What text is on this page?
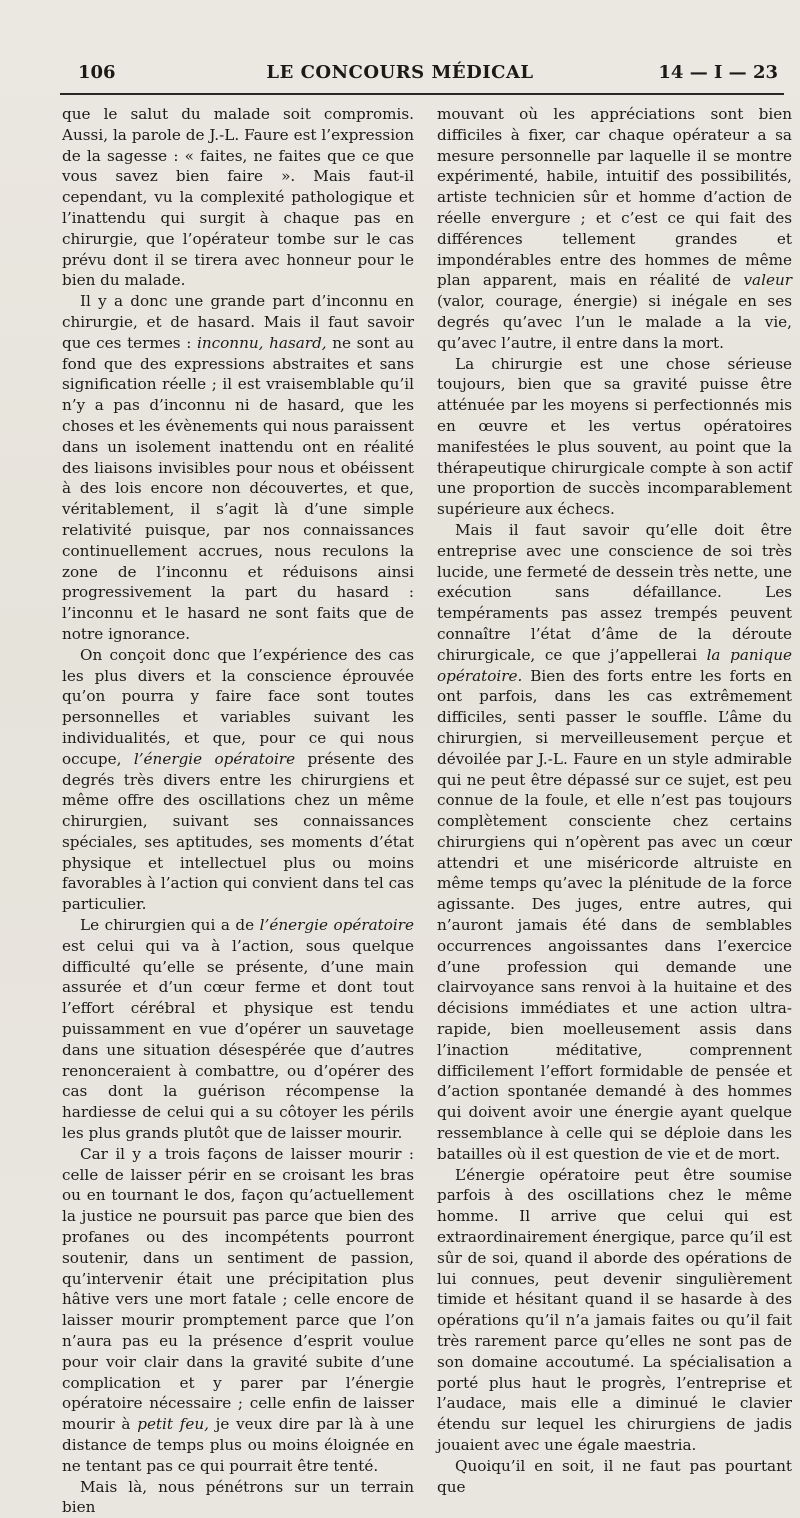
106	LE CONCOURS MÉDICAL	14 — I — 23

que le salut du malade soit compromis. Aussi, la parole de J.-L. Faure est l’expression de la sagesse : « faites, ne faites que ce que vous savez bien faire ». Mais faut-il cependant, vu la complexité pathologique et l’inattendu qui surgit à chaque pas en chirurgie, que l’opérateur tombe sur le cas prévu dont il se tirera avec honneur pour le bien du malade.

Il y a donc une grande part d’inconnu en chirurgie, et de hasard. Mais il faut savoir que ces termes : inconnu, hasard, ne sont au fond que des expressions abstraites et sans signification réelle ; il est vraisemblable qu’il n’y a pas d’inconnu ni de hasard, que les choses et les évènements qui nous paraissent dans un isolement inattendu ont en réalité des liaisons invisibles pour nous et obéissent à des lois encore non découvertes, et que, véritablement, il s’agit là d’une simple relativité puisque, par nos connaissances continuellement accrues, nous reculons la zone de l’inconnu et réduisons ainsi progressivement la part du hasard : l’inconnu et le hasard ne sont faits que de notre ignorance.

On conçoit donc que l’expérience des cas les plus divers et la conscience éprouvée qu’on pourra y faire face sont toutes personnelles et variables suivant les individualités, et que, pour ce qui nous occupe, l’énergie opératoire présente des degrés très divers entre les chirurgiens et même offre des oscillations chez un même chirurgien, suivant ses connaissances spéciales, ses aptitudes, ses moments d’état physique et intellectuel plus ou moins favorables à l’action qui convient dans tel cas particulier.

Le chirurgien qui a de l’énergie opératoire est celui qui va à l’action, sous quelque difficulté qu’elle se présente, d’une main assurée et d’un cœur ferme et dont tout l’effort cérébral et physique est tendu puissamment en vue d’opérer un sauvetage dans une situation désespérée que d’autres renonceraient à combattre, ou d’opérer des cas dont la guérison récompense la hardiesse de celui qui a su côtoyer les périls les plus grands plutôt que de laisser mourir.

Car il y a trois façons de laisser mourir : celle de laisser périr en se croisant les bras ou en tournant le dos, façon qu’actuellement la justice ne poursuit pas parce que bien des profanes ou des incompétents pourront soutenir, dans un sentiment de passion, qu’intervenir était une précipitation plus hâtive vers une mort fatale ; celle encore de laisser mourir promptement parce que l’on n’aura pas eu la présence d’esprit voulue pour voir clair dans la gravité subite d’une complication et y parer par l’énergie opératoire nécessaire ; celle enfin de laisser mourir à petit feu, je veux dire par là à une distance de temps plus ou moins éloignée en ne tentant pas ce qui pourrait être tenté.

Mais là, nous pénétrons sur un terrain bien

mouvant où les appréciations sont bien difficiles à fixer, car chaque opérateur a sa mesure personnelle par laquelle il se montre expérimenté, habile, intuitif des possibilités, artiste technicien sûr et homme d’action de réelle envergure ; et c’est ce qui fait des différences tellement grandes et impondérables entre des hommes de même plan apparent, mais en réalité de valeur (valor, courage, énergie) si inégale en ses degrés qu’avec l’un le malade a la vie, qu’avec l’autre, il entre dans la mort.

La chirurgie est une chose sérieuse toujours, bien que sa gravité puisse être atténuée par les moyens si perfectionnés mis en œuvre et les vertus opératoires manifestées le plus souvent, au point que la thérapeutique chirurgicale compte à son actif une proportion de succès incomparablement supérieure aux échecs.

Mais il faut savoir qu’elle doit être entreprise avec une conscience de soi très lucide, une fermeté de dessein très nette, une exécution sans défaillance. Les tempéraments pas assez trempés peuvent connaître l’état d’âme de la déroute chirurgicale, ce que j’appellerai la panique opératoire. Bien des forts entre les forts en ont parfois, dans les cas extrêmement difficiles, senti passer le souffle. L’âme du chirurgien, si merveilleusement perçue et dévoilée par J.-L. Faure en un style admirable qui ne peut être dépassé sur ce sujet, est peu connue de la foule, et elle n’est pas toujours complètement consciente chez certains chirurgiens qui n’opèrent pas avec un cœur attendri et une miséricorde altruiste en même temps qu’avec la plénitude de la force agissante. Des juges, entre autres, qui n’auront jamais été dans de semblables occurrences angoissantes dans l’exercice d’une profession qui demande une clairvoyance sans renvoi à la huitaine et des décisions immédiates et une action ultra-rapide, bien moelleusement assis dans l’inaction méditative, comprennent difficilement l’effort formidable de pensée et d’action spontanée demandé à des hommes qui doivent avoir une énergie ayant quelque ressemblance à celle qui se déploie dans les batailles où il est question de vie et de mort.

L’énergie opératoire peut être soumise parfois à des oscillations chez le même homme. Il arrive que celui qui est extraordinairement énergique, parce qu’il est sûr de soi, quand il aborde des opérations de lui connues, peut devenir singulièrement timide et hésitant quand il se hasarde à des opérations qu’il n’a jamais faites ou qu’il fait très rarement parce qu’elles ne sont pas de son domaine accoutumé. La spécialisation a porté plus haut le progrès, l’entreprise et l’audace, mais elle a diminué le clavier étendu sur lequel les chirurgiens de jadis jouaient avec une égale maestria.

Quoiqu’il en soit, il ne faut pas pourtant que
